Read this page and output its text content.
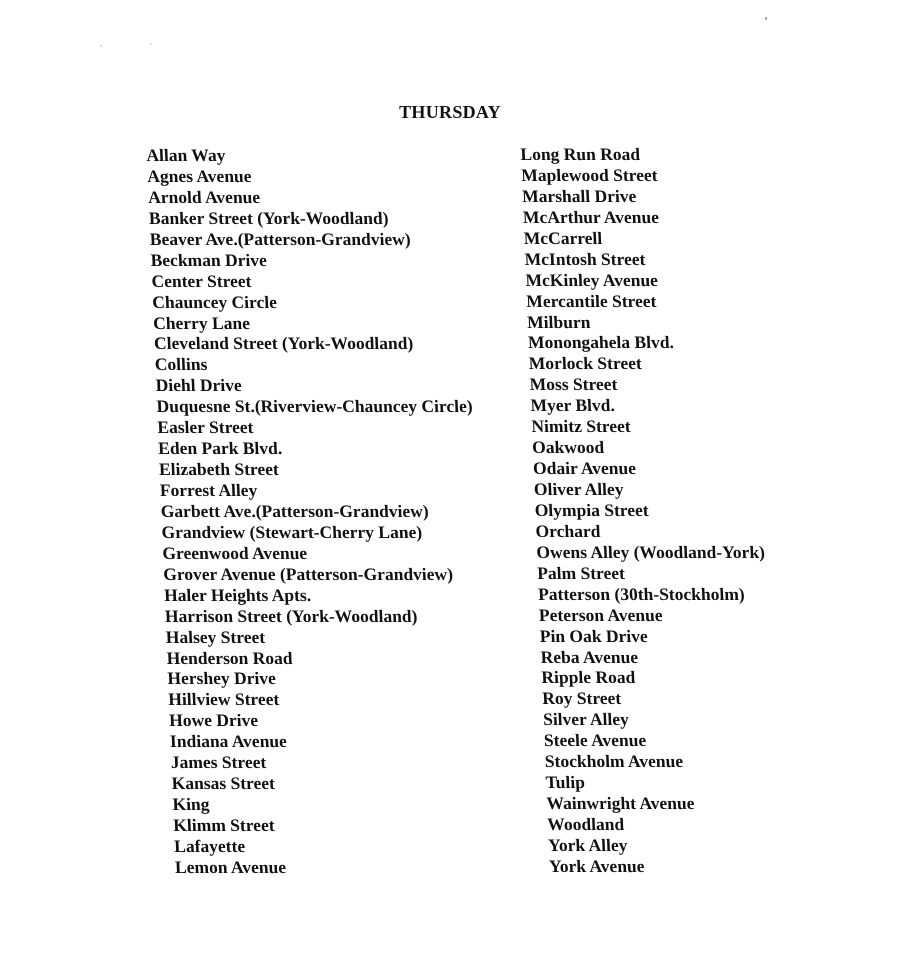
THURSDAY
Allan Way
Agnes Avenue
Arnold Avenue
Banker Street (York-Woodland)
Beaver Ave.(Patterson-Grandview)
Beckman Drive
Center Street
Chauncey Circle
Cherry Lane
Cleveland Street (York-Woodland)
Collins
Diehl Drive
Duquesne St.(Riverview-Chauncey Circle)
Easler Street
Eden Park Blvd.
Elizabeth Street
Forrest Alley
Garbett Ave.(Patterson-Grandview)
Grandview (Stewart-Cherry Lane)
Greenwood Avenue
Grover Avenue (Patterson-Grandview)
Haler Heights Apts.
Harrison Street (York-Woodland)
Halsey Street
Henderson Road
Hershey Drive
Hillview Street
Howe Drive
Indiana Avenue
James Street
Kansas Street
King
Klimm Street
Lafayette
Lemon Avenue
Long Run Road
Maplewood Street
Marshall Drive
McArthur Avenue
McCarrell
McIntosh Street
McKinley Avenue
Mercantile Street
Milburn
Monongahela Blvd.
Morlock Street
Moss Street
Myer Blvd.
Nimitz Street
Oakwood
Odair Avenue
Oliver Alley
Olympia Street
Orchard
Owens Alley (Woodland-York)
Palm Street
Patterson (30th-Stockholm)
Peterson Avenue
Pin Oak Drive
Reba Avenue
Ripple Road
Roy Street
Silver Alley
Steele Avenue
Stockholm Avenue
Tulip
Wainwright Avenue
Woodland
York Alley
York Avenue
